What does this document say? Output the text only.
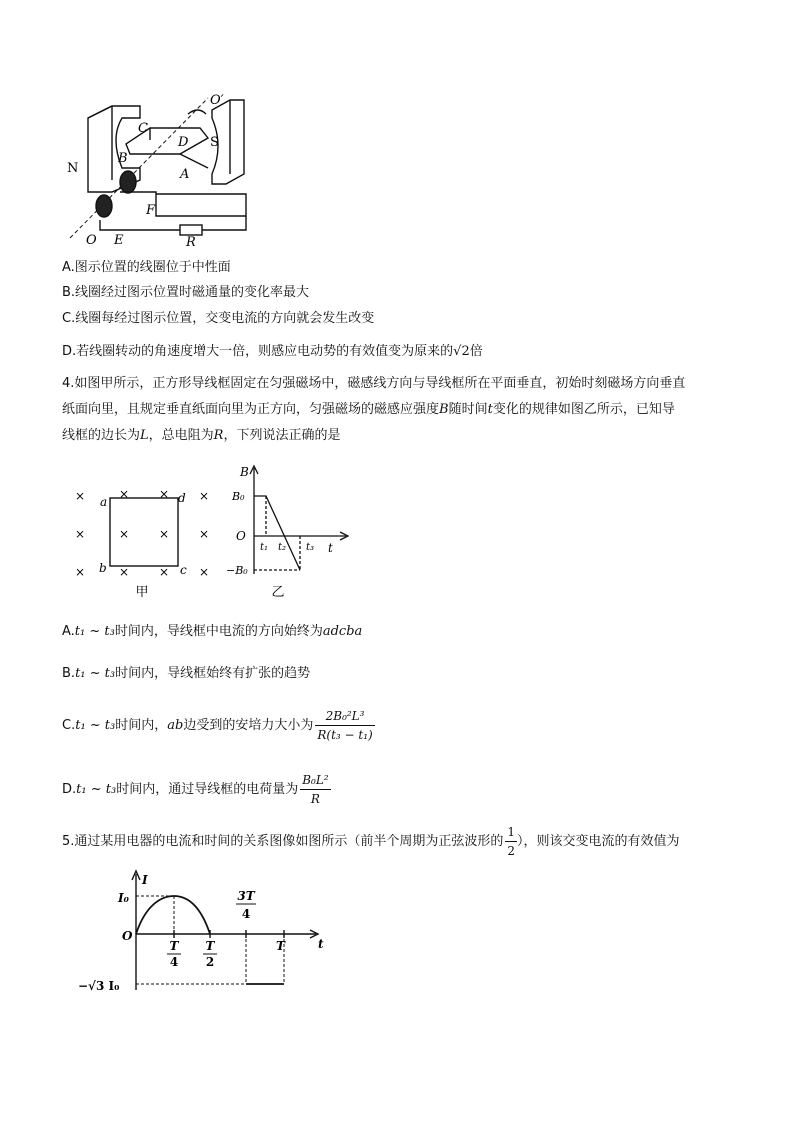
N
B
C
D
O′
S
A
F
O E	R
A.图示位置的线圈位于中性面
B.线圈经过图示位置时磁通量的变化率最大
C.线圈每经过图示位置，交变电流的方向就会发生改变
D.若线圈转动的角速度增大一倍，则感应电动势的有效值变为原来的√2倍
4.如图甲所示，正方形导线框固定在匀强磁场中，磁感线方向与导线框所在平面垂直，初始时刻磁场方向垂直
纸面向里，且规定垂直纸面向里为正方向，匀强磁场的磁感应强度B随时间t变化的规律如图乙所示，已知导
线框的边长为L，总电阻为R，下列说法正确的是
×	× × ×
×	× × ×
×	× × ×
a
b	c
d
甲
B
t
O
B₀
−B₀
t₁ t₂ t₃
乙
A.t₁ ~ t₃时间内，导线框中电流的方向始终为adcba
B.t₁ ~ t₃时间内，导线框始终有扩张的趋势
C.t₁ ~ t₃时间内，ab边受到的安培力大小为 $\frac{\text{2B₀²L³}}{\text{R(t₃ − t₁)}}$
D.t₁ ~ t₃时间内，通过导线框的电荷量为 $\frac{\text{B₀L²}}{R}$
5.通过某用电器的电流和时间的关系图像如图所示（前半个周期为正弦波形的 $\frac{1}{2}$ ），则该交变电流的有效值为
I
t
O
I₀
−√3 I₀
T
4
T
2
3T
4
T
